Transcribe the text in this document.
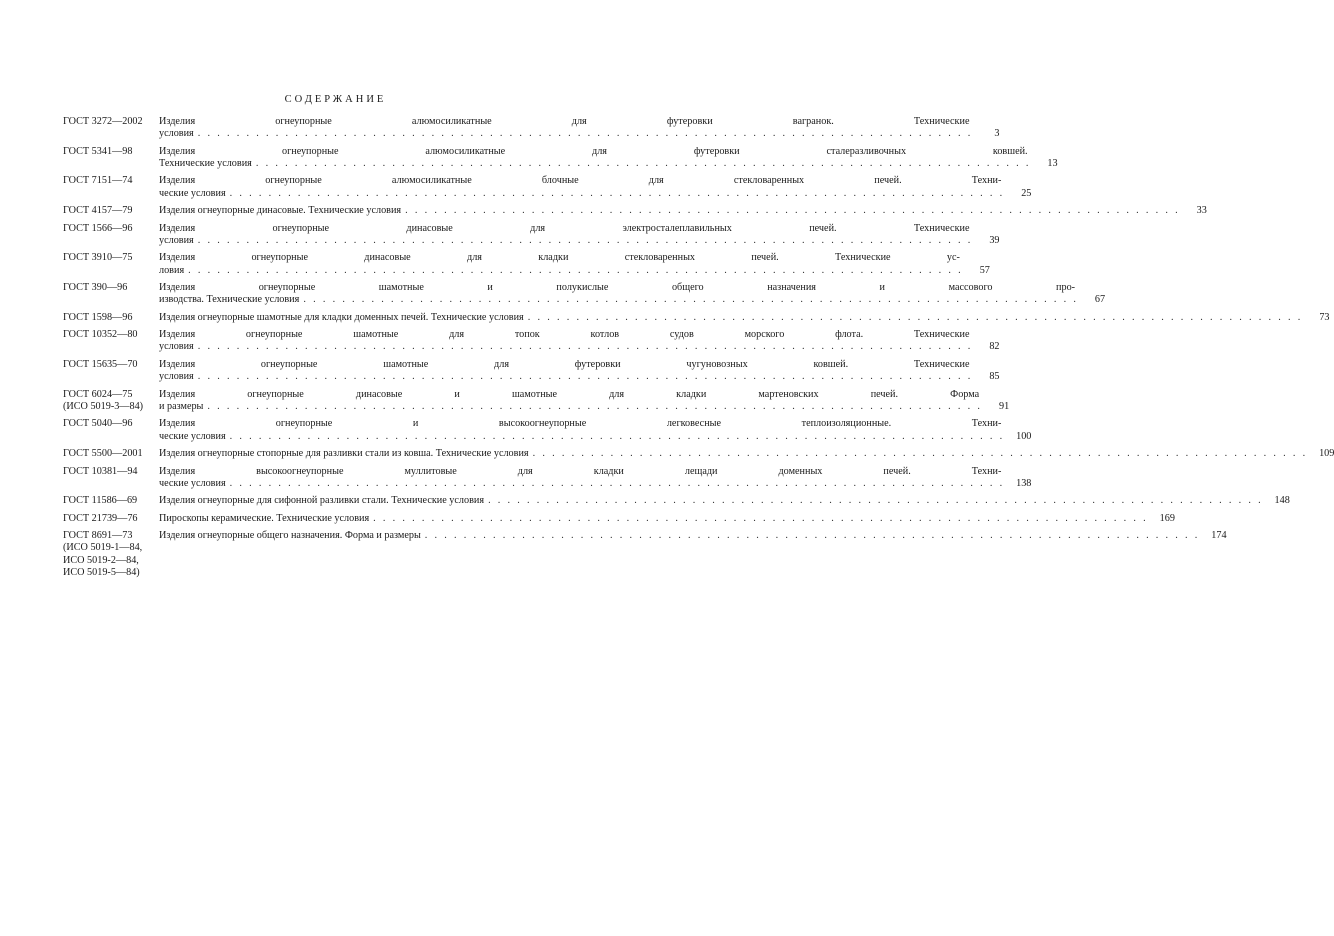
СОДЕРЖАНИЕ
ГОСТ 3272—2002	Изделия огнеупорные алюмосиликатные для футеровки вагранок. Технические
условия ................................................................................	3
ГОСТ 5341—98	Изделия огнеупорные алюмосиликатные для футеровки сталеразливочных ковшей.
Технические условия ................................................................................	13
ГОСТ 7151—74	Изделия огнеупорные алюмосиликатные блочные для стекловаренных печей. Техни-
ческие условия ................................................................................	25
ГОСТ 4157—79	Изделия огнеупорные динасовые. Технические условия ................................................................................	33
ГОСТ 1566—96	Изделия огнеупорные динасовые для электросталеплавильных печей. Технические
условия ................................................................................	39
ГОСТ 3910—75	Изделия огнеупорные динасовые для кладки стекловаренных печей. Технические ус-
ловия ................................................................................	57
ГОСТ 390—96	Изделия огнеупорные шамотные и полукислые общего назначения и массового про-
изводства. Технические условия ................................................................................	67
ГОСТ 1598—96	Изделия огнеупорные шамотные для кладки доменных печей. Технические условия ................................................................................	73
ГОСТ 10352—80	Изделия огнеупорные шамотные для топок котлов судов морского флота. Технические
условия ................................................................................	82
ГОСТ 15635—70	Изделия огнеупорные шамотные для футеровки чугуновозных ковшей. Технические
условия ................................................................................	85
ГОСТ 6024—75
(ИСО 5019-3—84)
Изделия огнеупорные динасовые и шамотные для кладки мартеновских печей. Форма
и размеры ................................................................................	91
ГОСТ 5040—96	Изделия огнеупорные и высокоогнеупорные легковесные теплоизоляционные. Техни-
ческие условия ................................................................................ 100
ГОСТ 5500—2001	Изделия огнеупорные стопорные для разливки стали из ковша. Технические условия ................................................................................ 109
ГОСТ 10381—94	Изделия высокоогнеупорные муллитовые для кладки лещади доменных печей. Техни-
ческие условия ................................................................................ 138
ГОСТ 11586—69	Изделия огнеупорные для сифонной разливки стали. Технические условия ................................................................................ 148
ГОСТ 21739—76	Пироскопы керамические. Технические условия ................................................................................ 169
ГОСТ 8691—73
(ИСО 5019-1—84,
ИСО 5019-2—84,
ИСО 5019-5—84)
Изделия огнеупорные общего назначения. Форма и размеры ................................................................................ 174
